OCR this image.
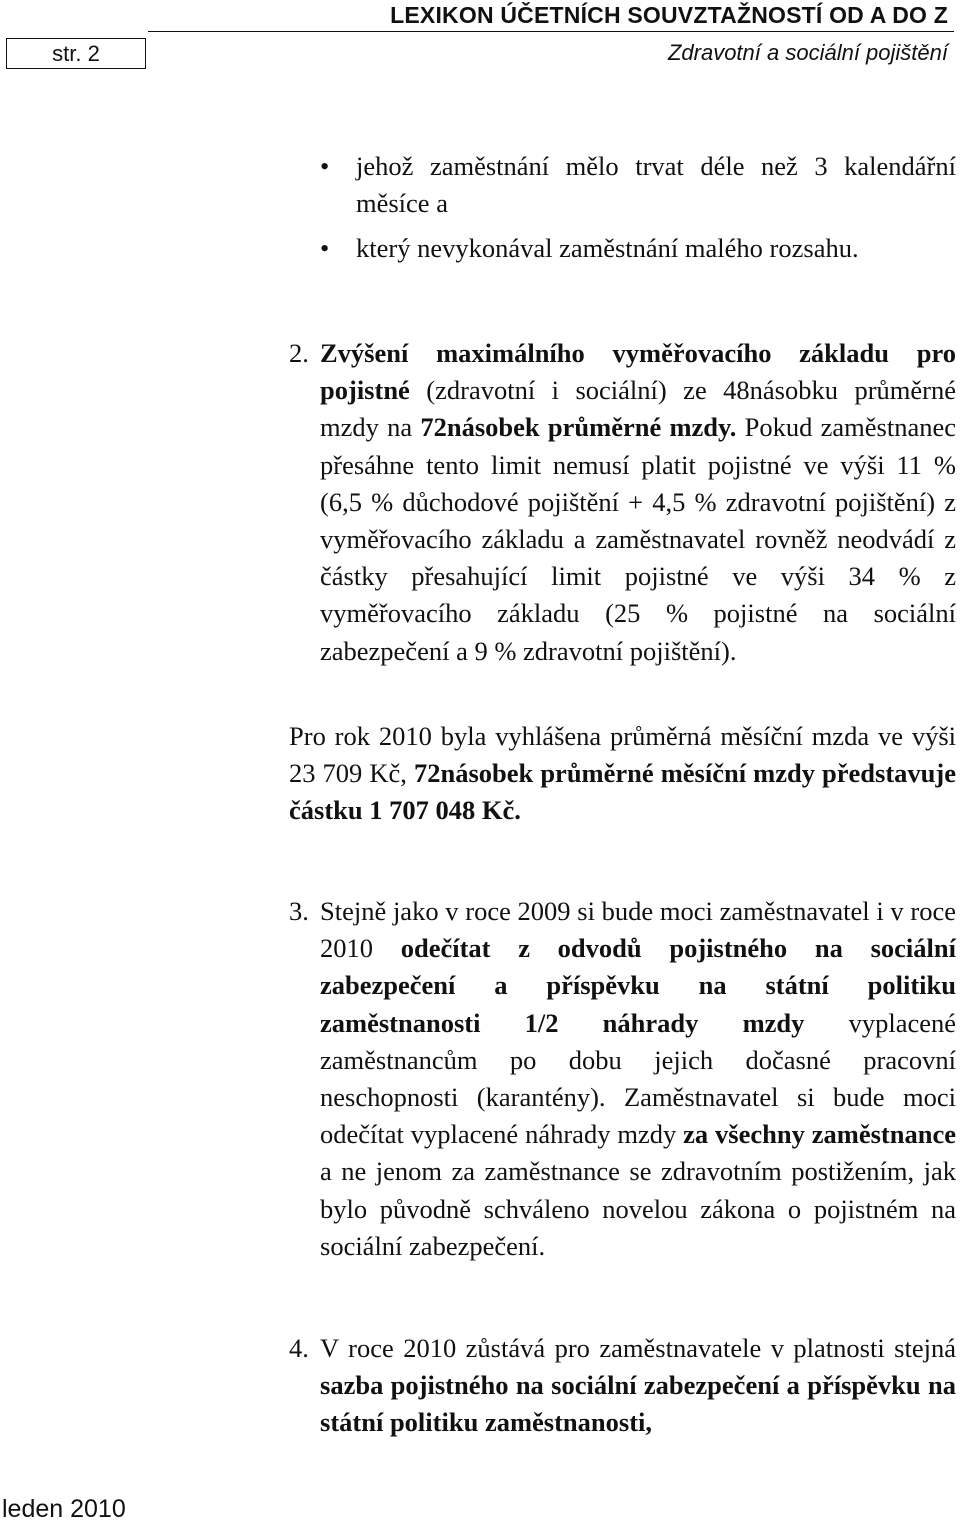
LEXIKON ÚČETNÍCH SOUVZTAŽNOSTÍ OD A DO Z
str. 2	Zdravotní a sociální pojištění
• jehož zaměstnání mělo trvat déle než 3 kalendářní měsíce a
• který nevykonával zaměstnání malého rozsahu.
2. Zvýšení maximálního vyměřovacího základu pro pojistné (zdravotní i sociální) ze 48násobku průměrné mzdy na 72násobek průměrné mzdy. Pokud zaměstnanec přesáhne tento limit nemusí platit pojistné ve výši 11 % (6,5 % důchodové pojištění + 4,5 % zdravotní pojištění) z vyměřovacího základu a zaměstnavatel rovněž neodvádí z částky přesahující limit pojistné ve výši 34 % z vyměřovacího základu (25 % pojistné na sociální zabezpečení a 9 % zdravotní pojištění).

Pro rok 2010 byla vyhlášena průměrná měsíční mzda ve výši 23 709 Kč, 72násobek průměrné měsíční mzdy představuje částku 1 707 048 Kč.

3. Stejně jako v roce 2009 si bude moci zaměstnavatel i v roce 2010 odečítat z odvodů pojistného na sociální zabezpečení a příspěvku na státní politiku zaměstnanosti 1/2 náhrady mzdy vyplacené zaměstnancům po dobu jejich dočasné pracovní neschopnosti (karantény). Zaměstnavatel si bude moci odečítat vyplacené náhrady mzdy za všechny zaměstnance a ne jenom za zaměstnance se zdravotním postižením, jak bylo původně schváleno novelou zákona o pojistném na sociální zabezpečení.
4. V roce 2010 zůstává pro zaměstnavatele v platnosti stejná sazba pojistného na sociální zabezpečení a příspěvku na státní politiku zaměstnanosti,
leden 2010
